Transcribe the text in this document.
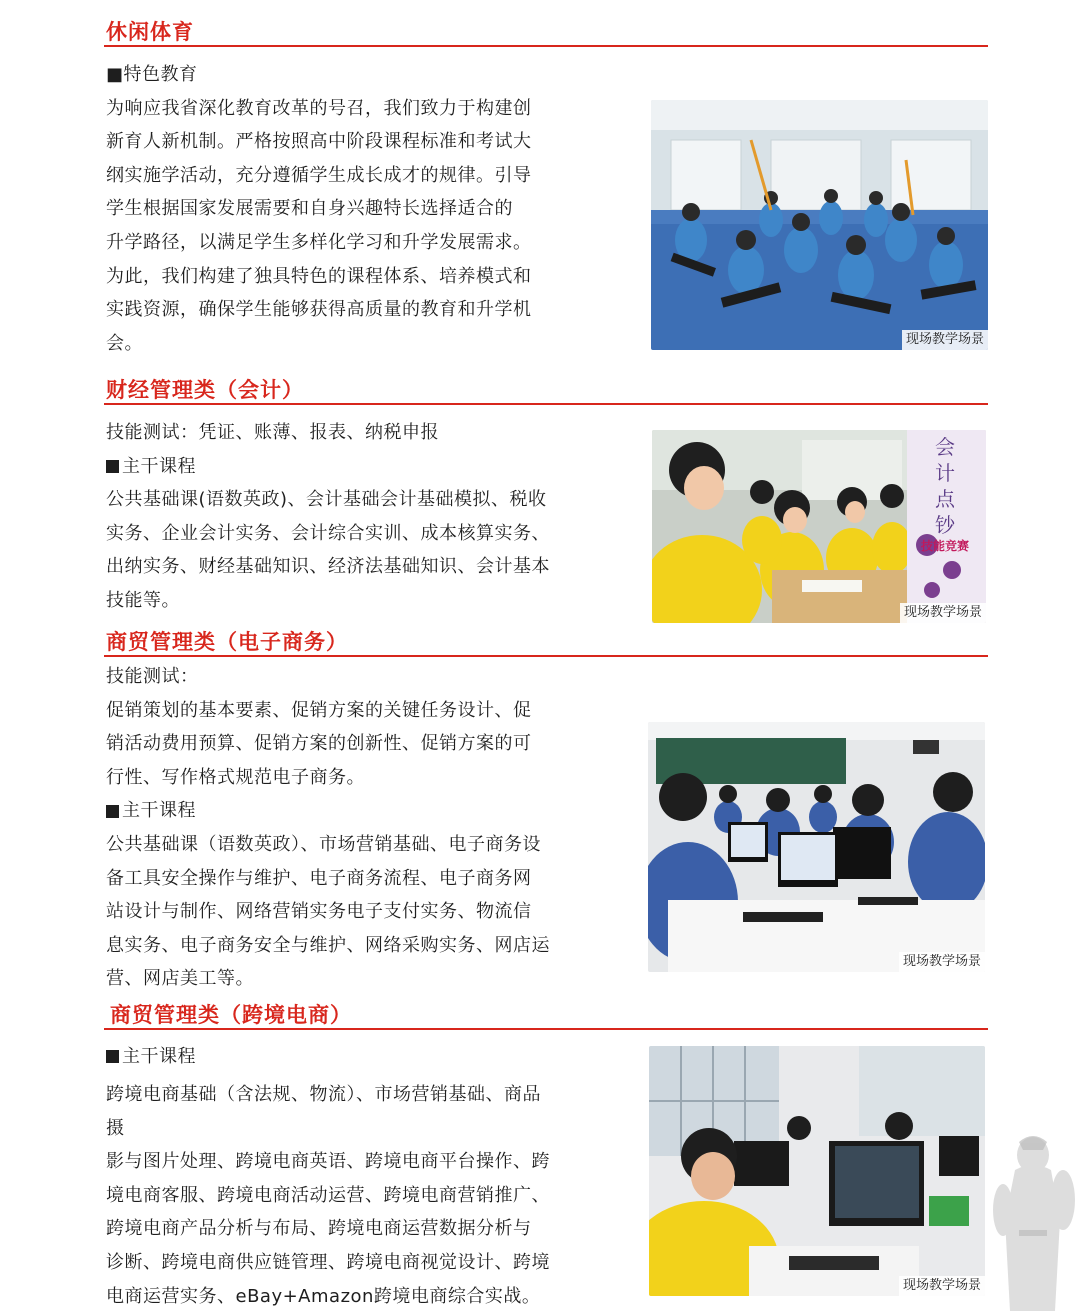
休闲体育

■特色教育

为响应我省深化教育改革的号召，我们致力于构建创

新育人新机制。严格按照高中阶段课程标准和考试大

纲实施学活动，充分遵循学生成长成才的规律。引导

学生根据国家发展需要和自身兴趣特长选择适合的

升学路径，以满足学生多样化学习和升学发展需求。

为此，我们构建了独具特色的课程体系、培养模式和

实践资源，确保学生能够获得高质量的教育和升学机

会。	现场教学场景
财经管理类（会计）

技能测试：凭证、账薄、报表、纳税申报

主干课程

公共基础课(语数英政)、会计基础会计基础模拟、税收

实务、企业会计实务、会计综合实训、成本核算实务、

出纳实务、财经基础知识、经济法基础知识、会计基本

技能等。

会
计
点
钞
技能竞赛
现场教学场景
商贸管理类（电子商务）

技能测试：

促销策划的基本要素、促销方案的关键任务设计、促

销活动费用预算、促销方案的创新性、促销方案的可

行性、写作格式规范电子商务。

主干课程

公共基础课（语数英政）、市场营销基础、电子商务设

备工具安全操作与维护、电子商务流程、电子商务网

站设计与制作、网络营销实务电子支付实务、物流信

息实务、电子商务安全与维护、网络采购实务、网店运

营、网店美工等。

现场教学场景
商贸管理类（跨境电商）

主干课程

跨境电商基础（含法规、物流）、市场营销基础、商品摄

影与图片处理、跨境电商英语、跨境电商平台操作、跨

境电商客服、跨境电商活动运营、跨境电商营销推广、

跨境电商产品分析与布局、跨境电商运营数据分析与

诊断、跨境电商供应链管理、跨境电商视觉设计、跨境

电商运营实务、eBay+Amazon跨境电商综合实战。

现场教学场景
